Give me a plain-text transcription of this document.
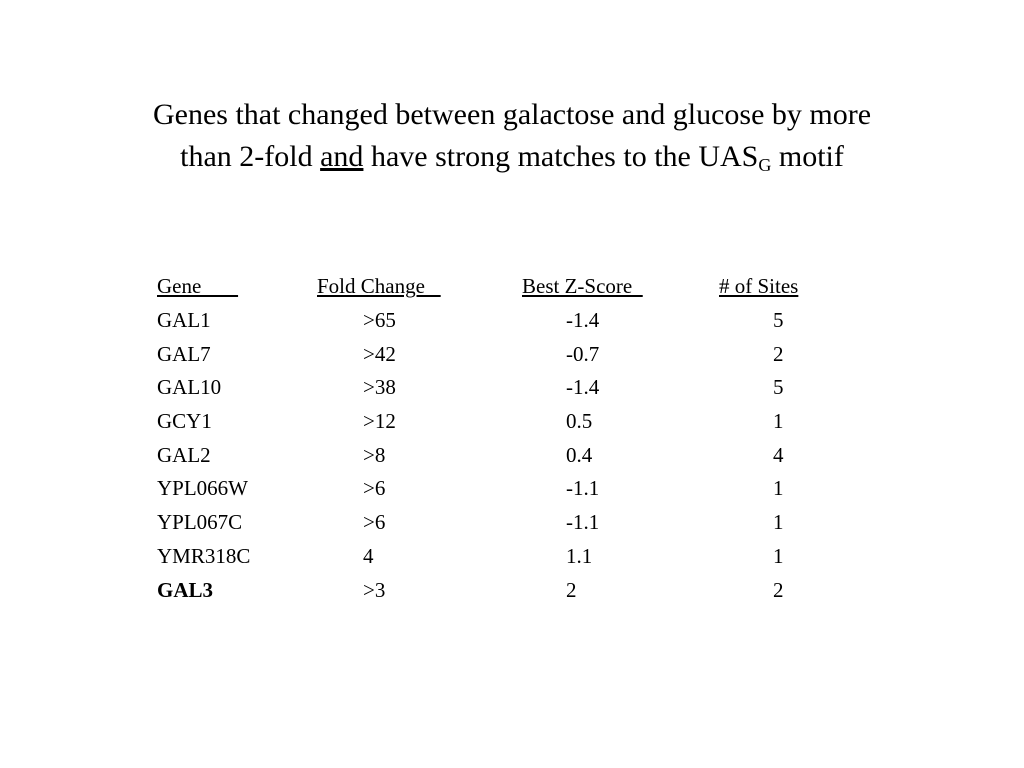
Genes that changed between galactose and glucose by more
than 2-fold and have strong matches to the $UAS_G$ motif
Gene	Fold Change	Best Z-Score	# of Sites
GAL1	>65	-1.4	5
GAL7	>42	-0.7	2
GAL10	>38	-1.4	5
GCY1	>12	0.5	1
GAL2	>8	0.4	4
YPL066W	>6	-1.1	1
YPL067C	>6	-1.1	1
YMR318C	4	1.1	1
GAL3	>3	2	2
